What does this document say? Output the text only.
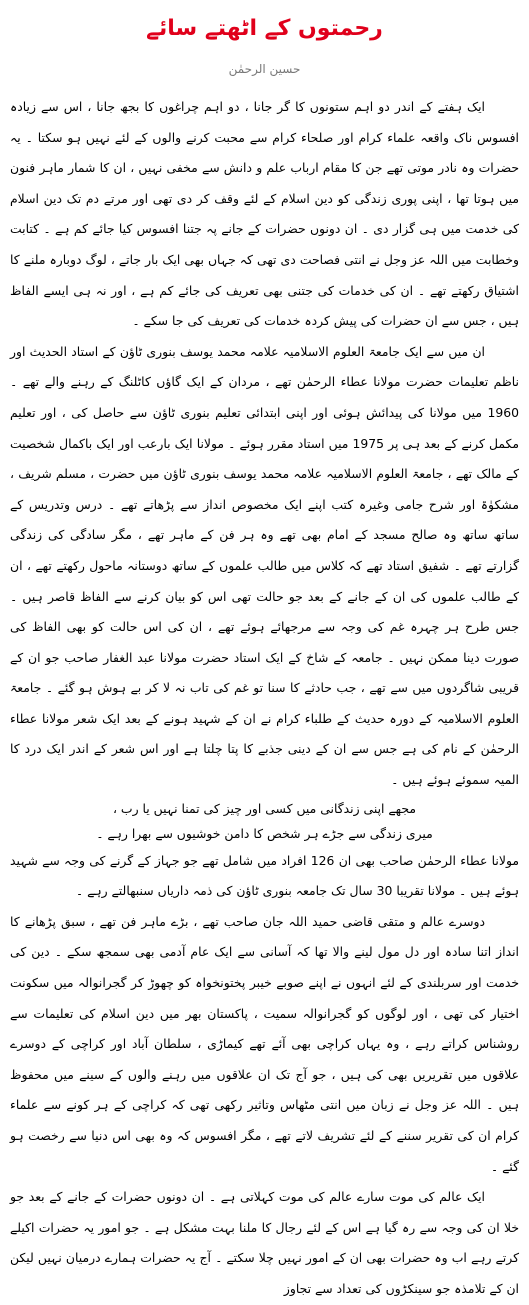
رحمتوں کے اٹھتے سائے
حسین الرحمٰن

ایک ہفتے کے اندر دو اہم ستونوں کا گر جانا ، دو اہم چراغوں کا بجھ جانا ، اس سے زیادہ افسوس ناک واقعہ علماء کرام اور صلحاء کرام سے محبت کرنے والوں کے لئے نہیں ہو سکتا ۔ یہ حضرات وہ نادر موتی تھے جن کا مقام ارباب علم و دانش سے مخفی نہیں ، ان کا شمار ماہر فنون میں ہوتا تھا ، اپنی پوری زندگی کو دین اسلام کے لئے وقف کر دی تھی اور مرتے دم تک دین اسلام کی خدمت میں ہی گزار دی ۔ ان دونوں حضرات کے جانے پہ جتنا افسوس کیا جائے کم ہے ۔ کتابت وخطابت میں اللہ عز وجل نے انتی فصاحت دی تھی کہ جہاں بھی ایک بار جاتے ، لوگ دوبارہ ملنے کا اشتیاق رکھتے تھے ۔ ان کی خدمات کی جتنی بھی تعریف کی جائے کم ہے ، اور نہ ہی ایسے الفاظ ہیں ، جس سے ان حضرات کی پیش کردہ خدمات کی تعریف کی جا سکے ۔

ان میں سے ایک جامعۃ العلوم الاسلامیہ علامہ محمد یوسف بنوری ٹاؤن کے استاد الحدیث اور ناظم تعلیمات حضرت مولانا عطاء الرحمٰن تھے ، مردان کے ایک گاؤں کاٹلنگ کے رہنے والے تھے ۔ 1960 میں مولانا کی پیدائش ہوئی اور اپنی ابتدائی تعلیم بنوری ٹاؤن سے حاصل کی ، اور تعلیم مکمل کرنے کے بعد ہی پر 1975 میں استاد مقرر ہوئے ۔ مولانا ایک بارعب اور ایک باکمال شخصیت کے مالک تھے ، جامعۃ العلوم الاسلامیہ علامہ محمد یوسف بنوری ٹاؤن میں حضرت ، مسلم شریف ، مشکوٰۃ اور شرح جامی وغیرہ کتب اپنے ایک مخصوص انداز سے پڑھاتے تھے ۔ درس وتدریس کے ساتھ ساتھ وہ صالح مسجد کے امام بھی تھے وہ ہر فن کے ماہر تھے ، مگر سادگی کی زندگی گزارتے تھے ۔ شفیق استاد تھے کہ کلاس میں طالب علموں کے ساتھ دوستانہ ماحول رکھتے تھے ، ان کے طالب علموں کی ان کے جانے کے بعد جو حالت تھی اس کو بیان کرنے سے الفاظ قاصر ہیں ۔ جس طرح ہر چہرہ غم کی وجہ سے مرجھائے ہوئے تھے ، ان کی اس حالت کو بھی الفاظ کی صورت دینا ممکن نہیں ۔ جامعہ کے شاخ کے ایک استاد حضرت مولانا عبد الغفار صاحب جو ان کے قریبی شاگردوں میں سے تھے ، جب حادثے کا سنا تو غم کی تاب نہ لا کر بے ہوش ہو گئے ۔ جامعۃ العلوم الاسلامیہ کے دورہ حدیث کے طلباء کرام نے ان کے شہید ہونے کے بعد ایک شعر مولانا عطاء الرحمٰن کے نام کی ہے جس سے ان کے دینی جذبے کا پتا چلتا ہے اور اس شعر کے اندر ایک درد کا المیہ سموئے ہوئے ہیں ۔

مجھے اپنی زندگانی میں کسی اور چیز کی تمنا نہیں یا رب ،
میری زندگی سے جڑے ہر شخص کا دامن خوشیوں سے بھرا رہے ۔

مولانا عطاء الرحمٰن صاحب بھی ان 126 افراد میں شامل تھے جو جہاز کے گرنے کی وجہ سے شہید ہوئے ہیں ۔ مولانا تقریبا 30 سال تک جامعہ بنوری ٹاؤن کی ذمہ داریاں سنبھالتے رہے ۔

دوسرے عالم و متقی قاضی حمید اللہ جان صاحب تھے ، بڑے ماہر فن تھے ، سبق پڑھانے کا انداز اتنا سادہ اور دل مول لینے والا تھا کہ آسانی سے ایک عام آدمی بھی سمجھ سکے ۔ دین کی خدمت اور سربلندی کے لئے انہوں نے اپنے صوبے خیبر پختونخواہ کو چھوڑ کر گجرانوالہ میں سکونت اختیار کی تھی ، اور لوگوں کو گجرانوالہ سمیت ، پاکستان بھر میں دین اسلام کی تعلیمات سے روشناس کراتے رہے ، وہ یہاں کراچی بھی آئے تھے کیماڑی ، سلطان آباد اور کراچی کے دوسرے علاقوں میں تقریریں بھی کی ہیں ، جو آج تک ان علاقوں میں رہنے والوں کے سینے میں محفوظ ہیں ۔ اللہ عز وجل نے زبان میں انتی مٹھاس وتاثیر رکھی تھی کہ کراچی کے ہر کونے سے علماء کرام ان کی تقریر سننے کے لئے تشریف لاتے تھے ، مگر افسوس کہ وہ بھی اس دنیا سے رخصت ہو گئے ۔

ایک عالم کی موت سارے عالم کی موت کہلاتی ہے ۔ ان دونوں حضرات کے جانے کے بعد جو خلا ان کی وجہ سے رہ گیا ہے اس کے لئے رجال کا ملنا بہت مشکل ہے ۔ جو امور یہ حضرات اکیلے کرتے رہے اب وہ حضرات بھی ان کے امور نہیں چلا سکتے ۔ آج یہ حضرات ہمارے درمیان نہیں لیکن ان کے تلامذہ جو سینکڑوں کی تعداد سے تجاوز
